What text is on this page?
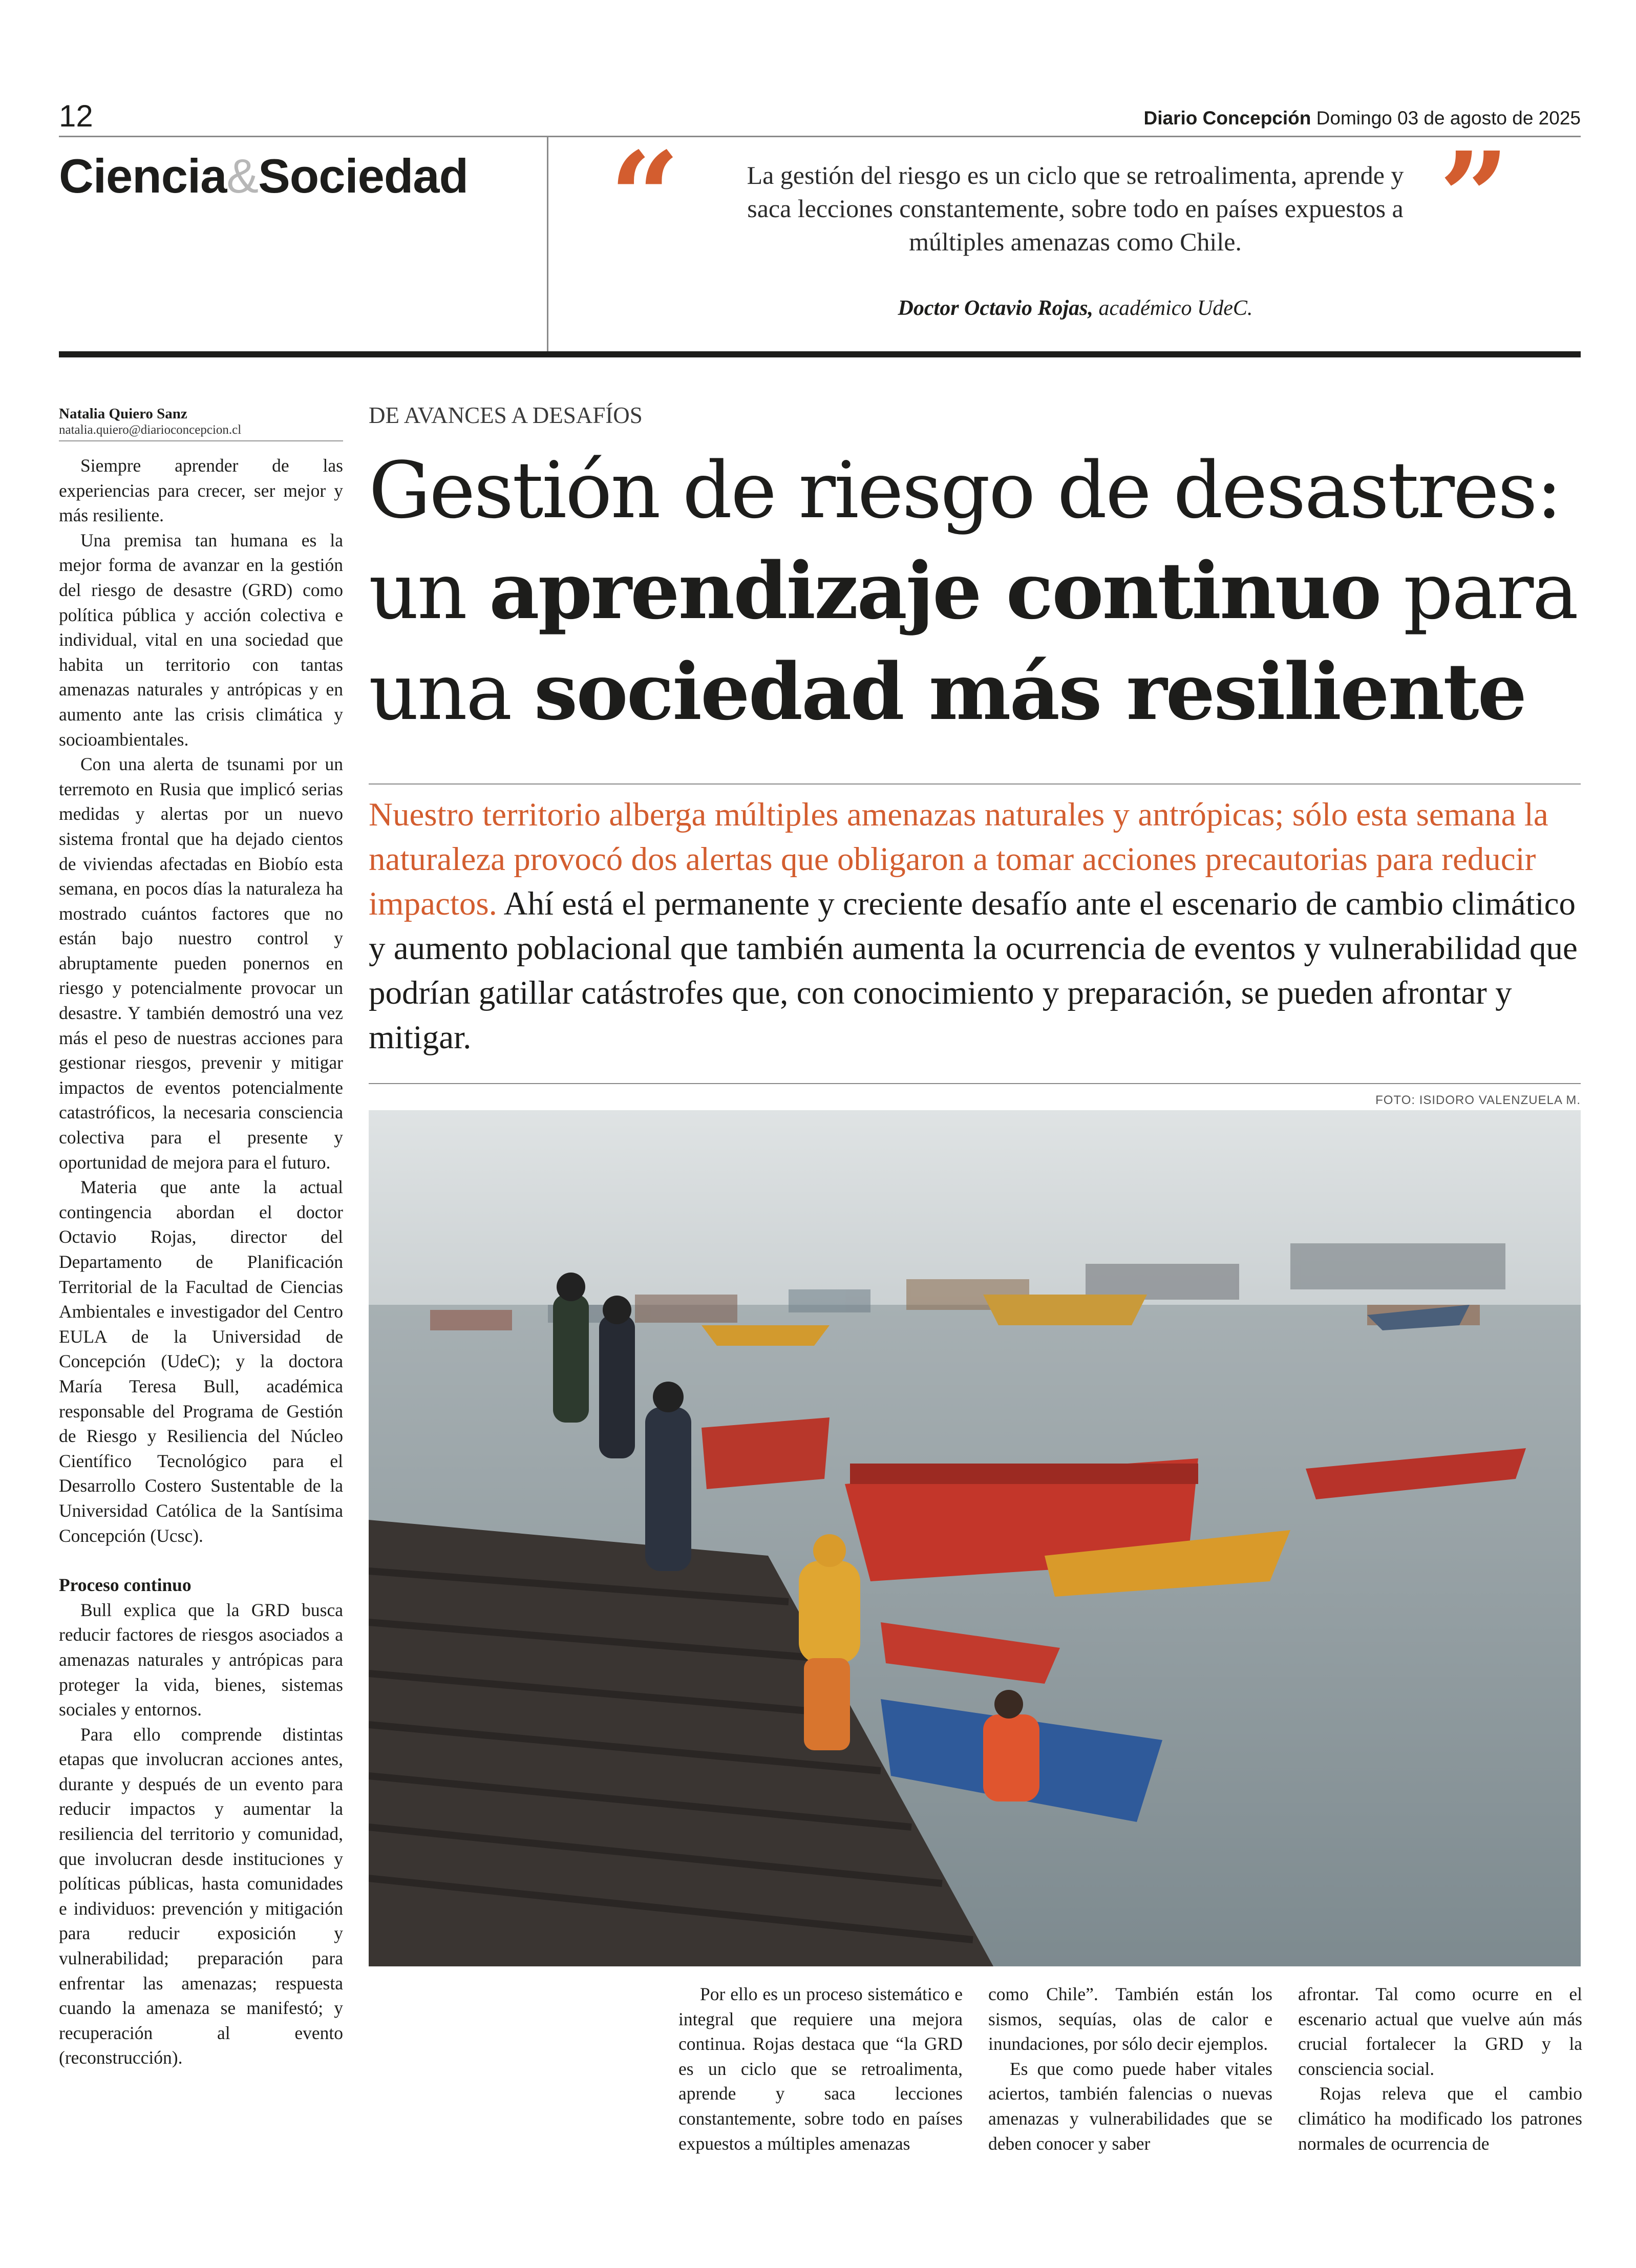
12	Diario Concepción Domingo 03 de agosto de 2025
Ciencia&Sociedad “	La gestión del riesgo es un ciclo que se retroalimenta, aprende y saca lecciones constantemente, sobre todo en países expuestos a múltiples amenazas como Chile.	”
Doctor Octavio Rojas, académico UdeC.
Natalia Quiero Sanz
natalia.quiero@diarioconcepcion.cl

Siempre aprender de las experiencias para crecer, ser mejor y más resiliente.

Una premisa tan humana es la mejor forma de avanzar en la gestión del riesgo de desastre (GRD) como política pública y acción colectiva e individual, vital en una sociedad que habita un territorio con tantas amenazas naturales y antrópicas y en aumento ante las crisis climática y socioambientales.

Con una alerta de tsunami por un terremoto en Rusia que implicó serias medidas y alertas por un nuevo sistema frontal que ha dejado cientos de viviendas afectadas en Biobío esta semana, en pocos días la naturaleza ha mostrado cuántos factores que no están bajo nuestro control y abruptamente pueden ponernos en riesgo y potencialmente provocar un desastre. Y también demostró una vez más el peso de nuestras acciones para gestionar riesgos, prevenir y mitigar impactos de eventos potencialmente catastróficos, la necesaria consciencia colectiva para el presente y oportunidad de mejora para el futuro.

Materia que ante la actual contingencia abordan el doctor Octavio Rojas, director del Departamento de Planificación Territorial de la Facultad de Ciencias Ambientales e investigador del Centro EULA de la Universidad de Concepción (UdeC); y la doctora María Teresa Bull, académica responsable del Programa de Gestión de Riesgo y Resiliencia del Núcleo Científico Tecnológico para el Desarrollo Costero Sustentable de la Universidad Católica de la Santísima Concepción (Ucsc).

Proceso continuo

Bull explica que la GRD busca reducir factores de riesgos asociados a amenazas naturales y antrópicas para proteger la vida, bienes, sistemas sociales y entornos.

Para ello comprende distintas etapas que involucran acciones antes, durante y después de un evento para reducir impactos y aumentar la resiliencia del territorio y comunidad, que involucran desde instituciones y políticas públicas, hasta comunidades e individuos: prevención y mitigación para reducir exposición y vulnerabilidad; preparación para enfrentar las amenazas; respuesta cuando la amenaza se manifestó; y recuperación al evento (reconstrucción).

DE AVANCES A DESAFÍOS
Gestión de riesgo de desastres: un aprendizaje continuo para una sociedad más resiliente
Nuestro territorio alberga múltiples amenazas naturales y antrópicas; sólo esta semana la naturaleza provocó dos alertas que obligaron a tomar acciones precautorias para reducir impactos. Ahí está el permanente y creciente desafío ante el escenario de cambio climático y aumento poblacional que también aumenta la ocurrencia de eventos y vulnerabilidad que podrían gatillar catástrofes que, con conocimiento y preparación, se pueden afrontar y mitigar.
FOTO: ISIDORO VALENZUELA M.

Por ello es un proceso sistemático e integral que requiere una mejora continua. Rojas destaca que “la GRD es un ciclo que se retroalimenta, aprende y saca lecciones constantemente, sobre todo en países expuestos a múltiples amenazas

como Chile”. También están los sismos, sequías, olas de calor e inundaciones, por sólo decir ejemplos.

Es que como puede haber vitales aciertos, también falencias o nuevas amenazas y vulnerabilidades que se deben conocer y saber

afrontar. Tal como ocurre en el escenario actual que vuelve aún más crucial fortalecer la GRD y la consciencia social.

Rojas releva que el cambio climático ha modificado los patrones normales de ocurrencia de
